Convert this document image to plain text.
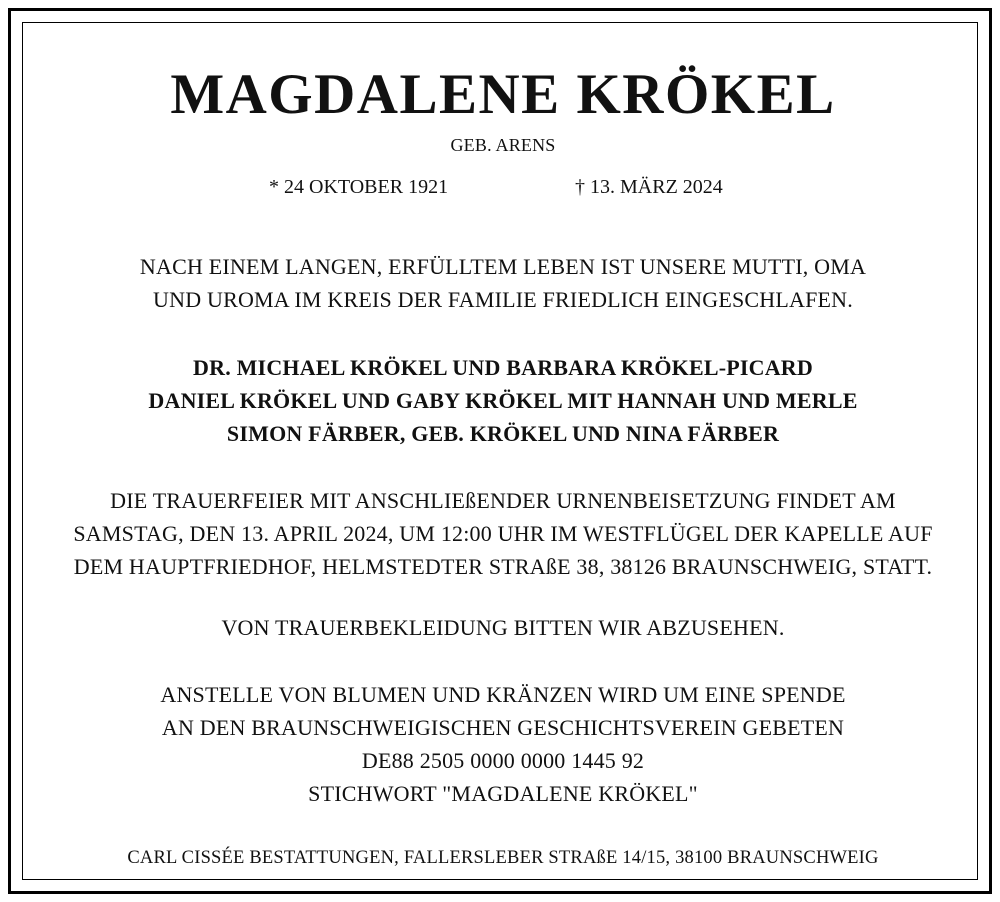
MAGDALENE KRÖKEL
GEB. ARENS
* 24 OKTOBER 1921	† 13. MÄRZ 2024
NACH EINEM LANGEN, ERFÜLLTEM LEBEN IST UNSERE MUTTI, OMA
UND UROMA IM KREIS DER FAMILIE FRIEDLICH EINGESCHLAFEN.
DR. MICHAEL KRÖKEL UND BARBARA KRÖKEL-PICARD
DANIEL KRÖKEL UND GABY KRÖKEL MIT HANNAH UND MERLE
SIMON FÄRBER, GEB. KRÖKEL UND NINA FÄRBER
DIE TRAUERFEIER MIT ANSCHLIEßENDER URNENBEISETZUNG FINDET AM
SAMSTAG, DEN 13. APRIL 2024, UM 12:00 UHR IM WESTFLÜGEL DER KAPELLE AUF
DEM HAUPTFRIEDHOF, HELMSTEDTER STRAßE 38, 38126 BRAUNSCHWEIG, STATT.
VON TRAUERBEKLEIDUNG BITTEN WIR ABZUSEHEN.
ANSTELLE VON BLUMEN UND KRÄNZEN WIRD UM EINE SPENDE
AN DEN BRAUNSCHWEIGISCHEN GESCHICHTSVEREIN GEBETEN
DE88 2505 0000 0000 1445 92
STICHWORT "MAGDALENE KRÖKEL"
CARL CISSÉE BESTATTUNGEN, FALLERSLEBER STRAßE 14/15, 38100 BRAUNSCHWEIG
